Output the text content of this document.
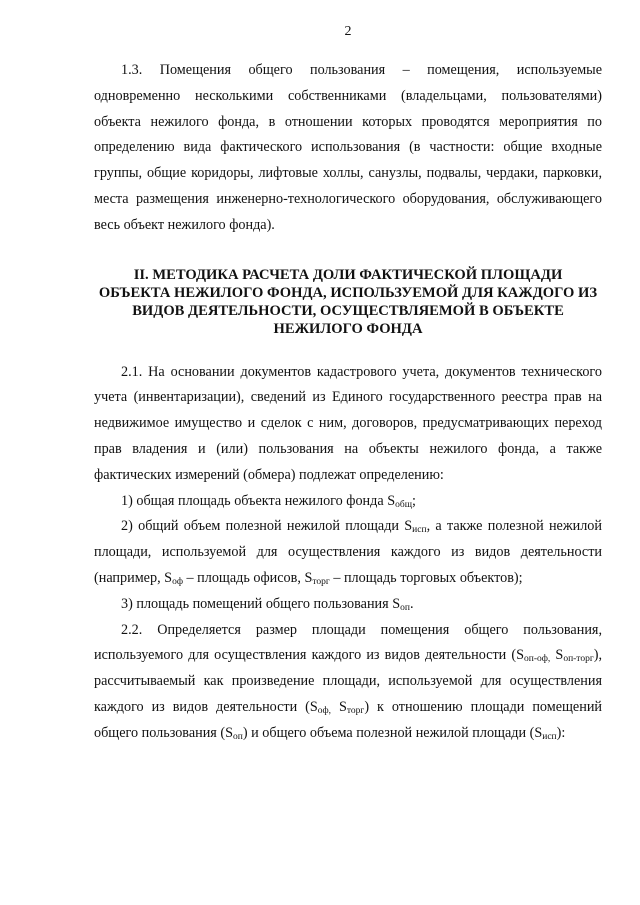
2

1.3. Помещения общего пользования – помещения, используемые одновременно несколькими собственниками (владельцами, пользователями) объекта нежилого фонда, в отношении которых проводятся мероприятия по определению вида фактического использования (в частности: общие входные группы, общие коридоры, лифтовые холлы, санузлы, подвалы, чердаки, парковки, места размещения инженерно-технологического оборудования, обслуживающего весь объект нежилого фонда).

II. МЕТОДИКА РАСЧЕТА ДОЛИ ФАКТИЧЕСКОЙ ПЛОЩАДИ
ОБЪЕКТА НЕЖИЛОГО ФОНДА, ИСПОЛЬЗУЕМОЙ ДЛЯ КАЖДОГО ИЗ
ВИДОВ ДЕЯТЕЛЬНОСТИ, ОСУЩЕСТВЛЯЕМОЙ В ОБЪЕКТЕ
НЕЖИЛОГО ФОНДА

2.1. На основании документов кадастрового учета, документов технического учета (инвентаризации), сведений из Единого государственного реестра прав на недвижимое имущество и сделок с ним, договоров, предусматривающих переход прав владения и (или) пользования на объекты нежилого фонда, а также фактических измерений (обмера) подлежат определению:

1) общая площадь объекта нежилого фонда $S_{общ}$;

2) общий объем полезной нежилой площади $S_{исп}$, а также полезной нежилой площади, используемой для осуществления каждого из видов деятельности (например, $S_{оф}$ – площадь офисов, $S_{торг}$ – площадь торговых объектов);

3) площадь помещений общего пользования $S_{оп}$.

2.2. Определяется размер площади помещения общего пользования, используемого для осуществления каждого из видов деятельности ($S_{оп-оф,}$ $S_{оп-торг}$), рассчитываемый как произведение площади, используемой для осуществления каждого из видов деятельности ($S_{оф,}$ $S_{торг}$) к отношению площади помещений общего пользования $(S_{оп})$ и общего объема полезной нежилой площади $(S_{исп})$:
